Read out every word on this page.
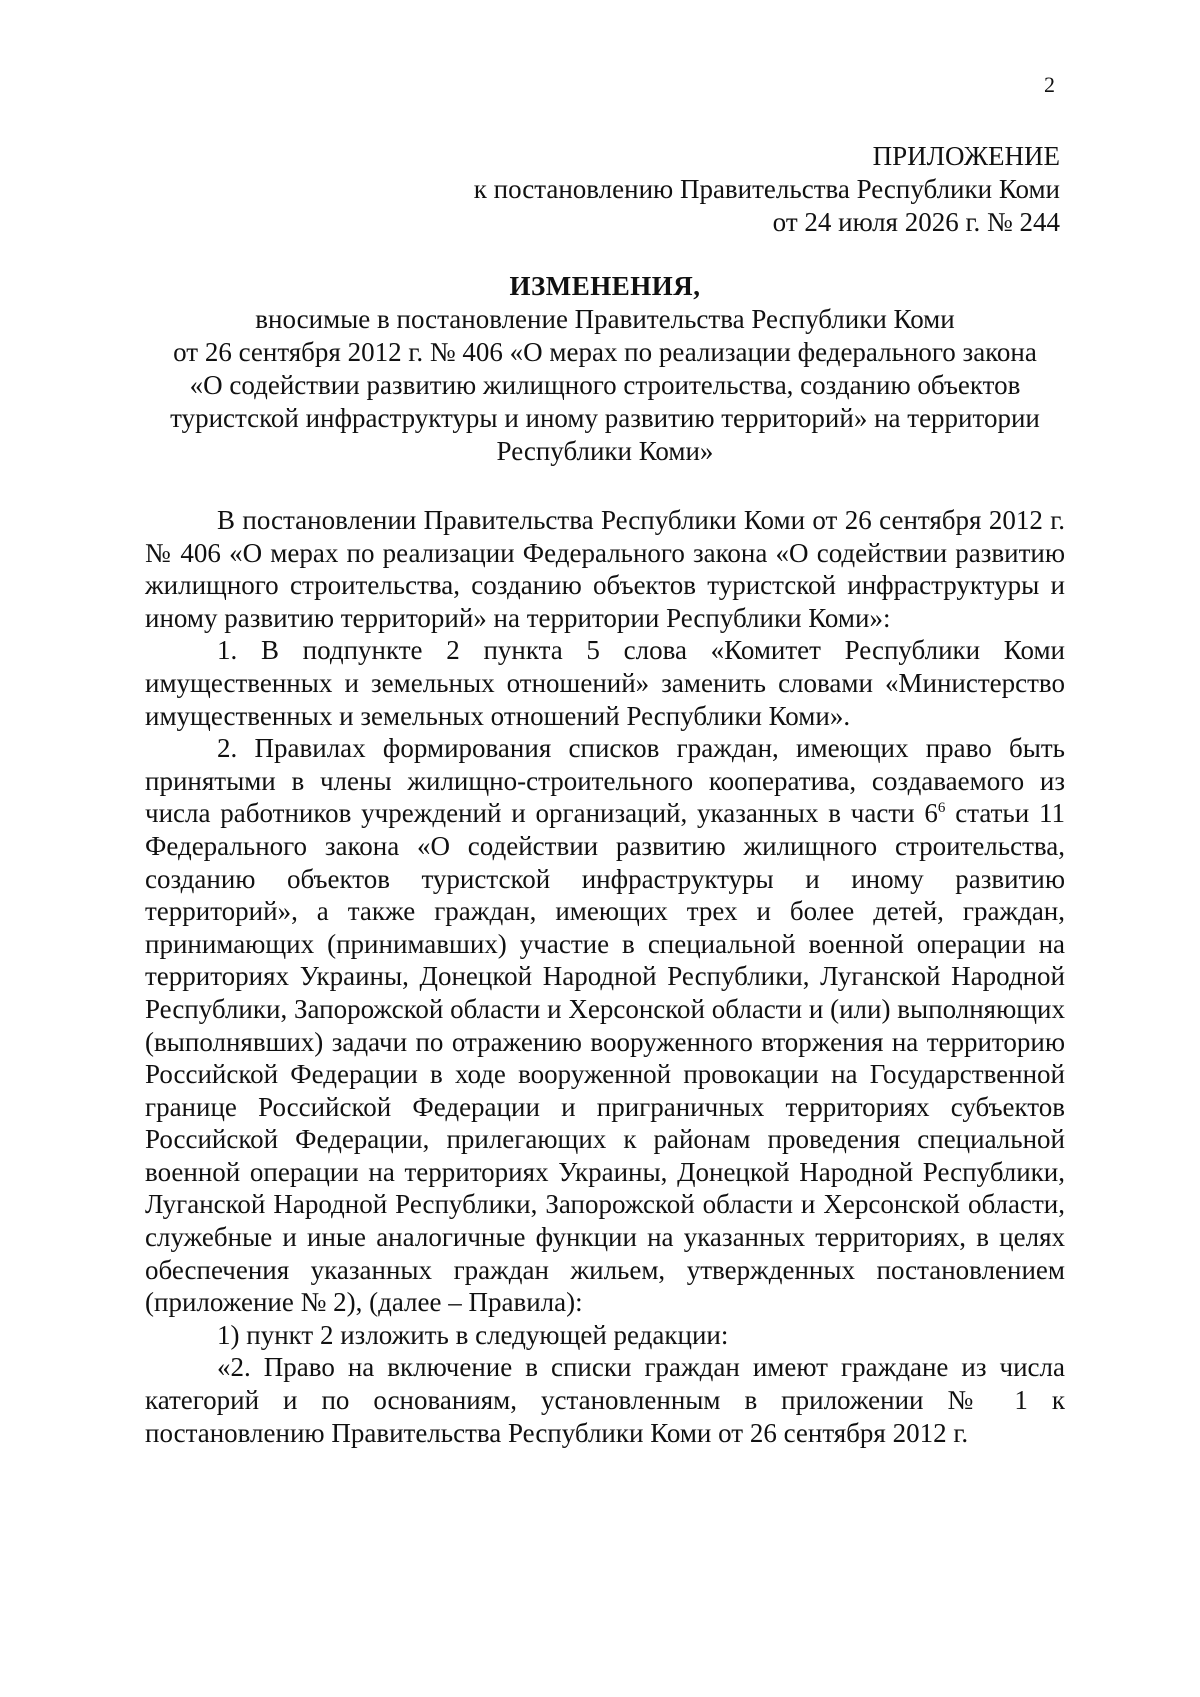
2
ПРИЛОЖЕНИЕ
к постановлению Правительства Республики Коми
от 24 июля 2026 г. № 244
ИЗМЕНЕНИЯ,
вносимые в постановление Правительства Республики Коми
от 26 сентября 2012 г. № 406 «О мерах по реализации федерального закона
«О содействии развитию жилищного строительства, созданию объектов
туристской инфраструктуры и иному развитию территорий» на территории
Республики Коми»

В постановлении Правительства Республики Коми от 26 сентября 2012 г. № 406 «О мерах по реализации Федерального закона «О содействии развитию жилищного строительства, созданию объектов туристской инфраструктуры и иному развитию территорий» на территории Республики Коми»:

1. В подпункте 2 пункта 5 слова «Комитет Республики Коми имущественных и земельных отношений» заменить словами «Министерство имущественных и земельных отношений Республики Коми».

2. Правилах формирования списков граждан, имеющих право быть принятыми в члены жилищно-строительного кооператива, создаваемого из числа работников учреждений и организаций, указанных в части $6^6$ статьи 11 Федерального закона «О содействии развитию жилищного строительства, созданию объектов туристской инфраструктуры и иному развитию территорий», а также граждан, имеющих трех и более детей, граждан, принимающих (принимавших) участие в специальной военной операции на территориях Украины, Донецкой Народной Республики, Луганской Народной Республики, Запорожской области и Херсонской области и (или) выполняющих (выполнявших) задачи по отражению вооруженного вторжения на территорию Российской Федерации в ходе вооруженной провокации на Государственной границе Российской Федерации и приграничных территориях субъектов Российской Федерации, прилегающих к районам проведения специальной военной операции на территориях Украины, Донецкой Народной Республики, Луганской Народной Республики, Запорожской области и Херсонской области, служебные и иные аналогичные функции на указанных территориях, в целях обеспечения указанных граждан жильем, утвержденных постановлением (приложение № 2), (далее – Правила):

1) пункт 2 изложить в следующей редакции:

«2. Право на включение в списки граждан имеют граждане из числа категорий и по основаниям, установленным в приложении № 1 к постановлению Правительства Республики Коми от 26 сентября 2012 г.
